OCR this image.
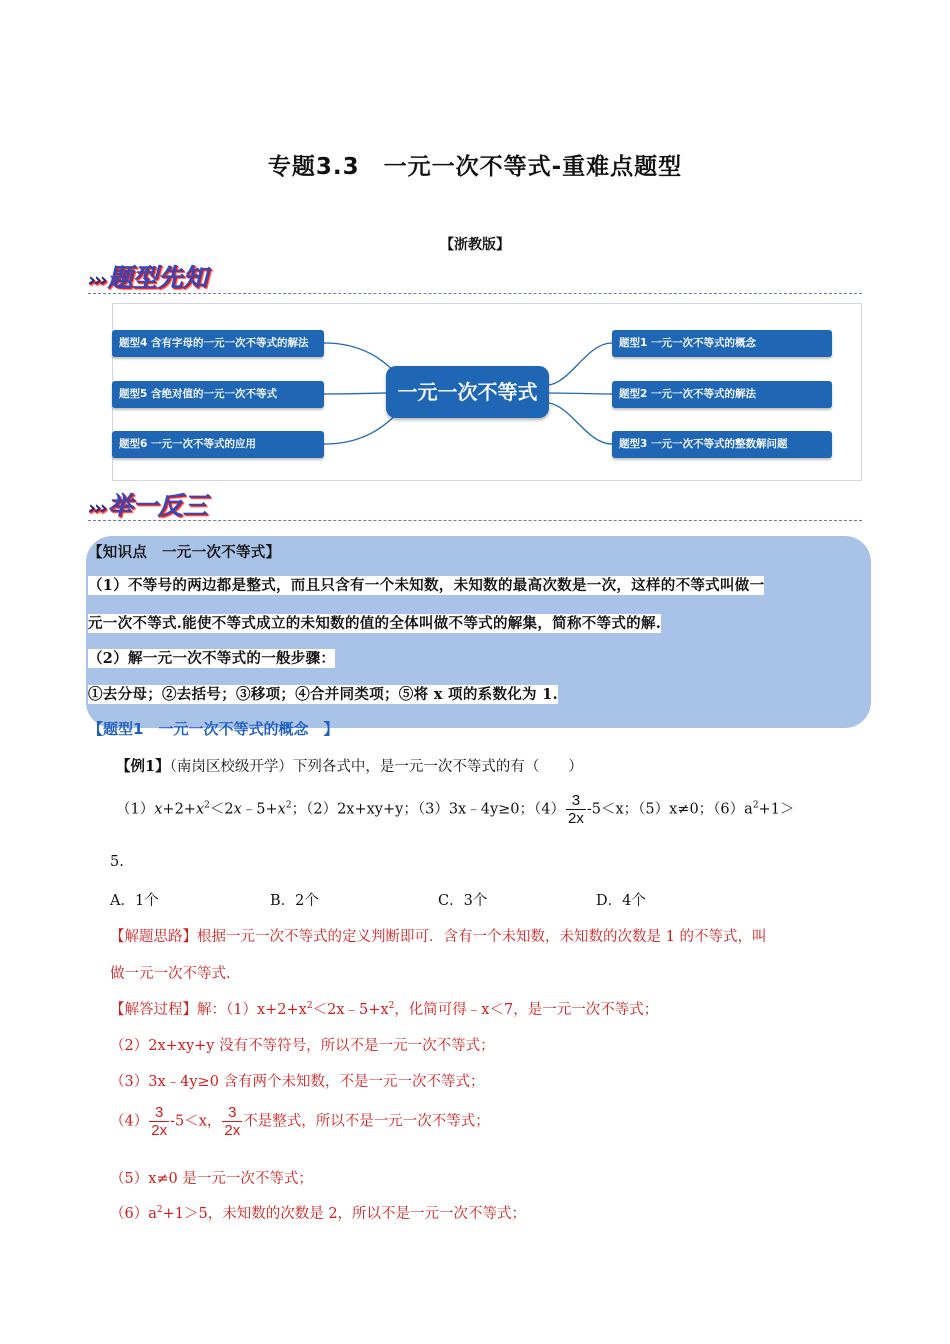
专题3.3　一元一次不等式-重难点题型
【浙教版】
›››题型先知
题型4 含有字母的一元一次不等式的解法
题型5 含绝对值的一元一次不等式
题型6 一元一次不等式的应用
一元一次不等式
题型1 一元一次不等式的概念
题型2 一元一次不等式的解法
题型3 一元一次不等式的整数解问题
›››举一反三
【知识点　一元一次不等式】
（1）不等号的两边都是整式，而且只含有一个未知数，未知数的最高次数是一次，这样的不等式叫做一
元一次不等式.能使不等式成立的未知数的值的全体叫做不等式的解集，简称不等式的解.
（2）解一元一次不等式的一般步骤：
①去分母；②去括号；③移项；④合并同类项；⑤将 x 项的系数化为 1.
【题型1　一元一次不等式的概念　】
【例1】（南岗区校级开学）下列各式中，是一元一次不等式的有（　　）
$(1)x+2+x^2<2x﹣5+x^2$；（2）2x+xy+y；（3）3x﹣4y≥0；$(4) \frac{3}{2x} -5<x$；（5）x≠0；$(6)a^2+1>$
5.
A．1个	B．2个	C．3个	D．4个
【解题思路】根据一元一次不等式的定义判断即可．含有一个未知数，未知数的次数是 1 的不等式，叫
做一元一次不等式.
【解答过程】解：$(1)x+2+x^2<2x﹣5+x^2$，化简可得﹣x＜7，是一元一次不等式；
（2）2x+xy+y 没有不等符号，所以不是一元一次不等式；
（3）3x﹣4y≥0 含有两个未知数，不是一元一次不等式；
$(4) \frac{3}{2x} -5<x$， $\frac{3}{2x}$ 不是整式，所以不是一元一次不等式；
（5）x≠0 是一元一次不等式；
$(6)a^2+1>5$，未知数的次数是 2，所以不是一元一次不等式；
